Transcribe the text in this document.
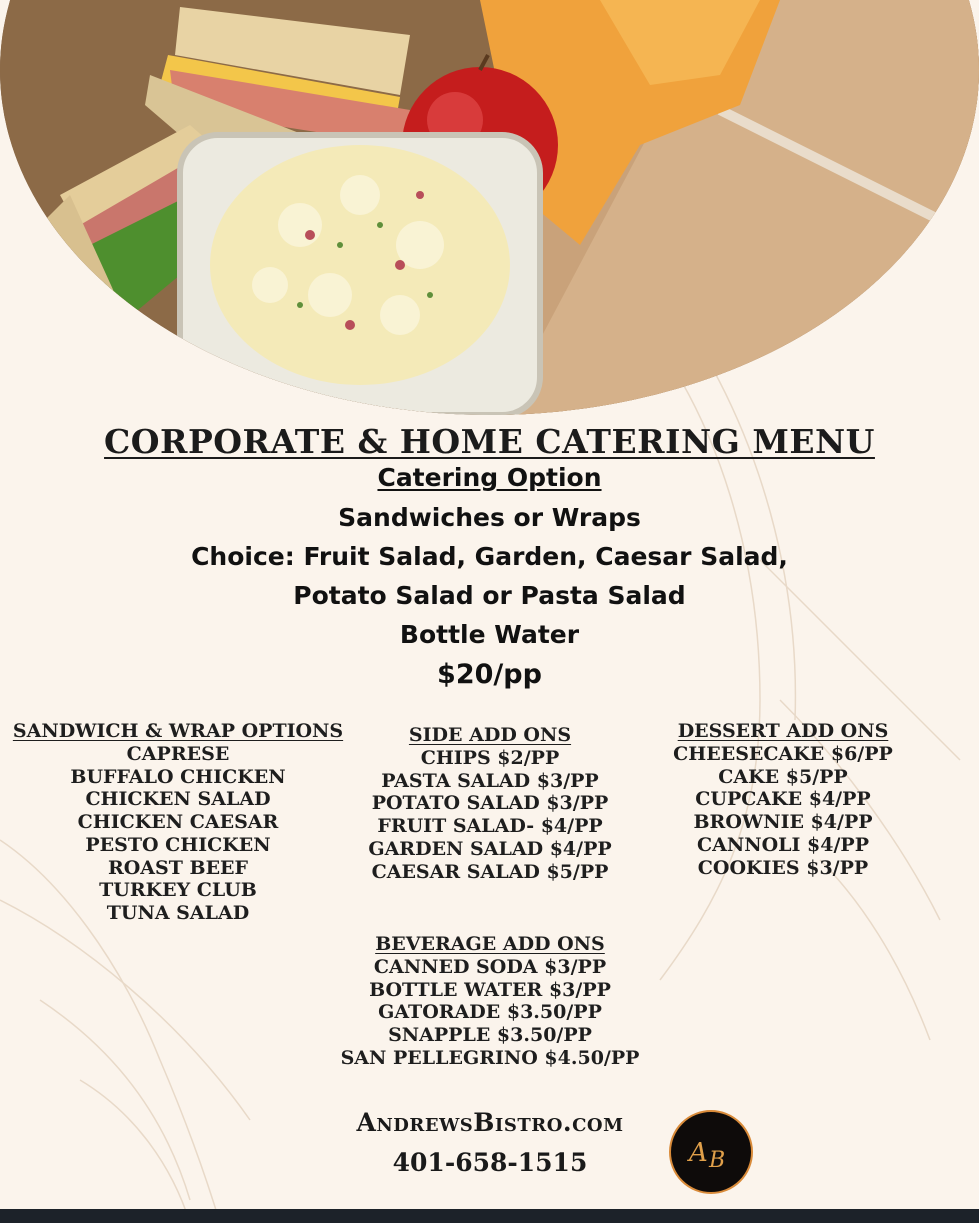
CORPORATE & HOME CATERING MENU
Catering Option
Sandwiches or Wraps
Choice: Fruit Salad, Garden, Caesar Salad,
Potato Salad or Pasta Salad
Bottle Water
$20/pp
SANDWICH & WRAP OPTIONS
CAPRESE
BUFFALO CHICKEN
CHICKEN SALAD
CHICKEN CAESAR
PESTO CHICKEN
ROAST BEEF
TURKEY CLUB
TUNA SALAD
SIDE ADD ONS
CHIPS $2/PP
PASTA SALAD $3/PP
POTATO SALAD $3/PP
FRUIT SALAD- $4/PP
GARDEN SALAD $4/PP
CAESAR SALAD $5/PP
DESSERT ADD ONS
CHEESECAKE $6/PP
CAKE $5/PP
CUPCAKE $4/PP
BROWNIE $4/PP
CANNOLI $4/PP
COOKIES $3/PP
BEVERAGE ADD ONS
CANNED SODA $3/PP
BOTTLE WATER $3/PP
GATORADE $3.50/PP
SNAPPLE $3.50/PP
SAN PELLEGRINO $4.50/PP
AndrewsBistro.com
401-658-1515	A B
